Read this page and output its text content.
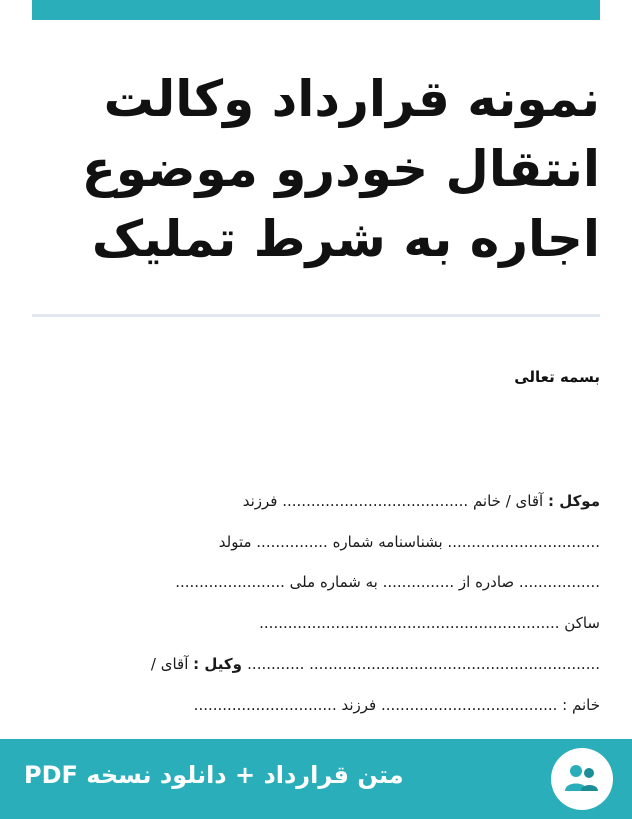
نمونه قرارداد وکالت
انتقال خودرو موضوع
اجاره به شرط تملیک
بسمه تعالی
موکل : آقای / خانم ....................................... فرزند
................................ بشناسنامه شماره ............... متولد
................. صادره از ............... به شماره ملی .......................
ساکن ...............................................................
............................................................. ............ وکیل : آقای /
خانم : ..................................... فرزند ..............................
متن قرارداد + دانلود نسخه PDF
